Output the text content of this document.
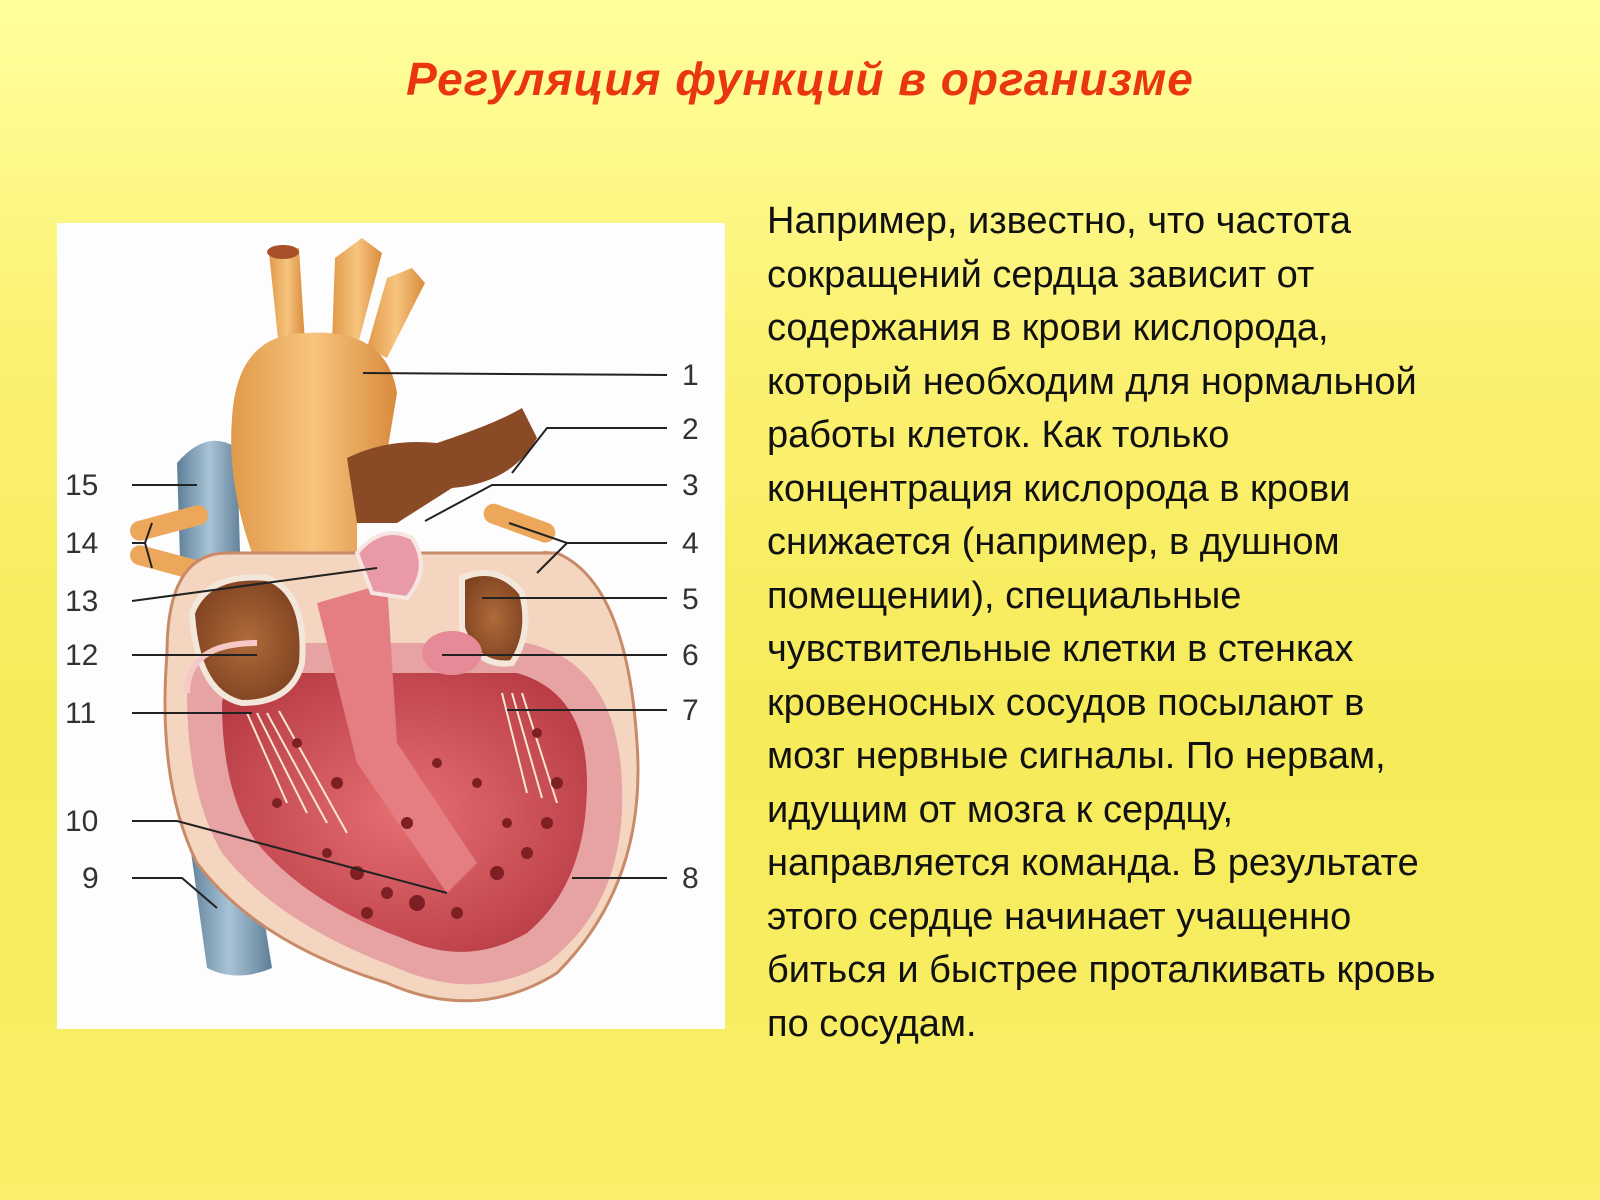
Регуляция функций в организме
1
2
3
4
5
6
7
8
9
10
11
12
13
14
15

Например, известно, что частота
сокращений сердца зависит от
содержания в крови кислорода,
который необходим для нормальной
работы клеток. Как только
концентрация кислорода в крови
снижается (например, в душном
помещении), специальные
чувствительные клетки в стенках
кровеносных сосудов посылают в
мозг нервные сигналы. По нервам,
идущим от мозга к сердцу,
направляется команда. В результате
этого сердце начинает учащенно
биться и быстрее проталкивать кровь
по сосудам.
